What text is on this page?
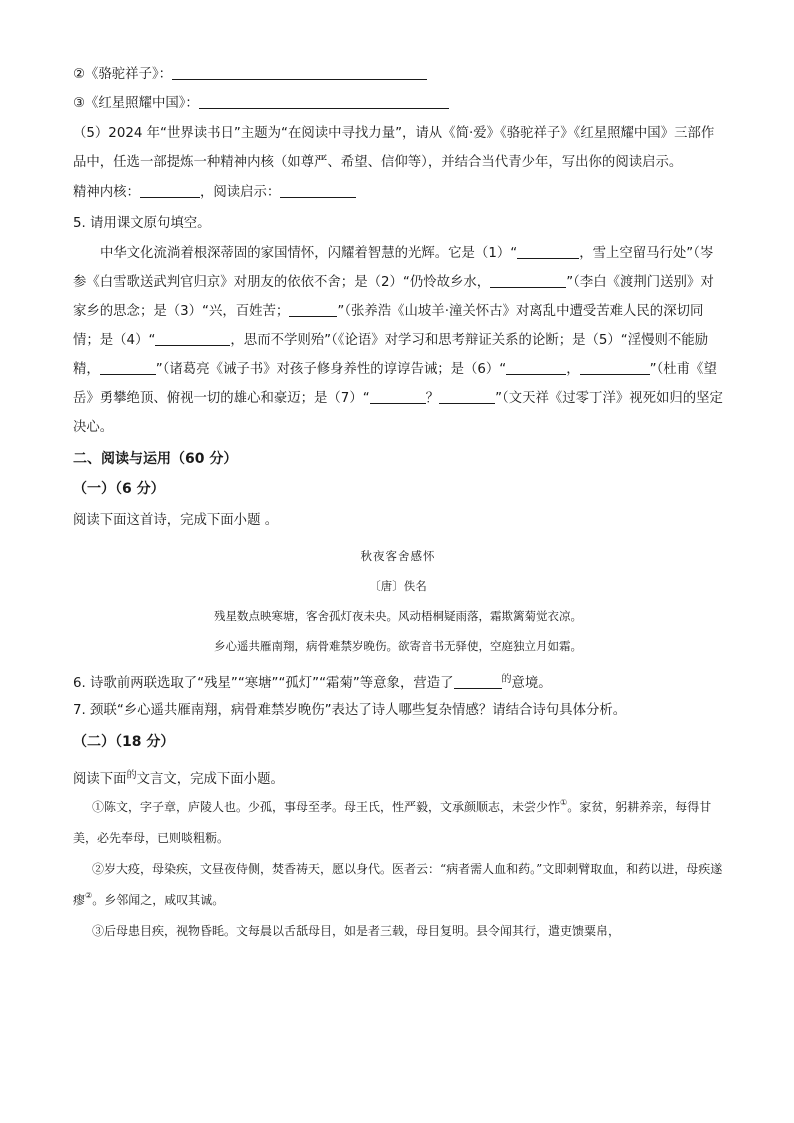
②《骆驼祥子》：
③《红星照耀中国》：

（5）2024 年“世界读书日”主题为“在阅读中寻找力量”，请从《简·爱》《骆驼祥子》《红星照耀中国》三部作品中，任选一部提炼一种精神内核（如尊严、希望、信仰等），并结合当代青少年，写出你的阅读启示。

精神内核：	，阅读启示：
5. 请用课文原句填空。

中华文化流淌着根深蒂固的家国情怀，闪耀着智慧的光辉。它是（1）“	，雪上空留马行处”（岑参《白雪歌送武判官归京》对朋友的依依不舍；是（2）“仍怜故乡水，	”（李白《渡荆门送别》对家乡的思念；是（3）“兴，百姓苦；	”（张养浩《山坡羊·潼关怀古》对离乱中遭受苦难人民的深切同情；是（4）“	，思而不学则殆”（《论语》对学习和思考辩证关系的论断；是（5）“淫慢则不能励精，	”（诸葛亮《诫子书》对孩子修身养性的谆谆告诫；是（6）“	，	”（杜甫《望岳》勇攀绝顶、俯视一切的雄心和豪迈；是（7）“	？	”（文天祥《过零丁洋》视死如归的坚定决心。

二、阅读与运用（60 分）
（一）（6 分）
阅读下面这首诗，完成下面小题 。
秋夜客舍感怀
〔唐〕佚名
残星数点映寒塘，客舍孤灯夜未央。风动梧桐疑雨落，霜欺篱菊觉衣凉。
乡心遥共雁南翔，病骨难禁岁晚伤。欲寄音书无驿使，空庭独立月如霜。
6. 诗歌前两联选取了“残星”“寒塘”“孤灯”“霜菊”等意象，营造了	$^的$意境。
7. 颈联“乡心遥共雁南翔，病骨难禁岁晚伤”表达了诗人哪些复杂情感？请结合诗句具体分析。
（二）（18 分）
阅读下面$^的$文言文，完成下面小题。

①陈文，字子章，庐陵人也。少孤，事母至孝。母王氏，性严毅，文承颜顺志，未尝少怍①。家贫，躬耕养亲，每得甘美，必先奉母，已则啖粗粝。

②岁大疫，母染疾，文昼夜侍侧，焚香祷天，愿以身代。医者云：“病者需人血和药。”文即刺臂取血，和药以进，母疾遂瘳②。乡邻闻之，咸叹其诚。

③后母患目疾，视物昏眊。文每晨以舌舐母目，如是者三载，母目复明。县令闻其行，遣吏馈粟帛，
